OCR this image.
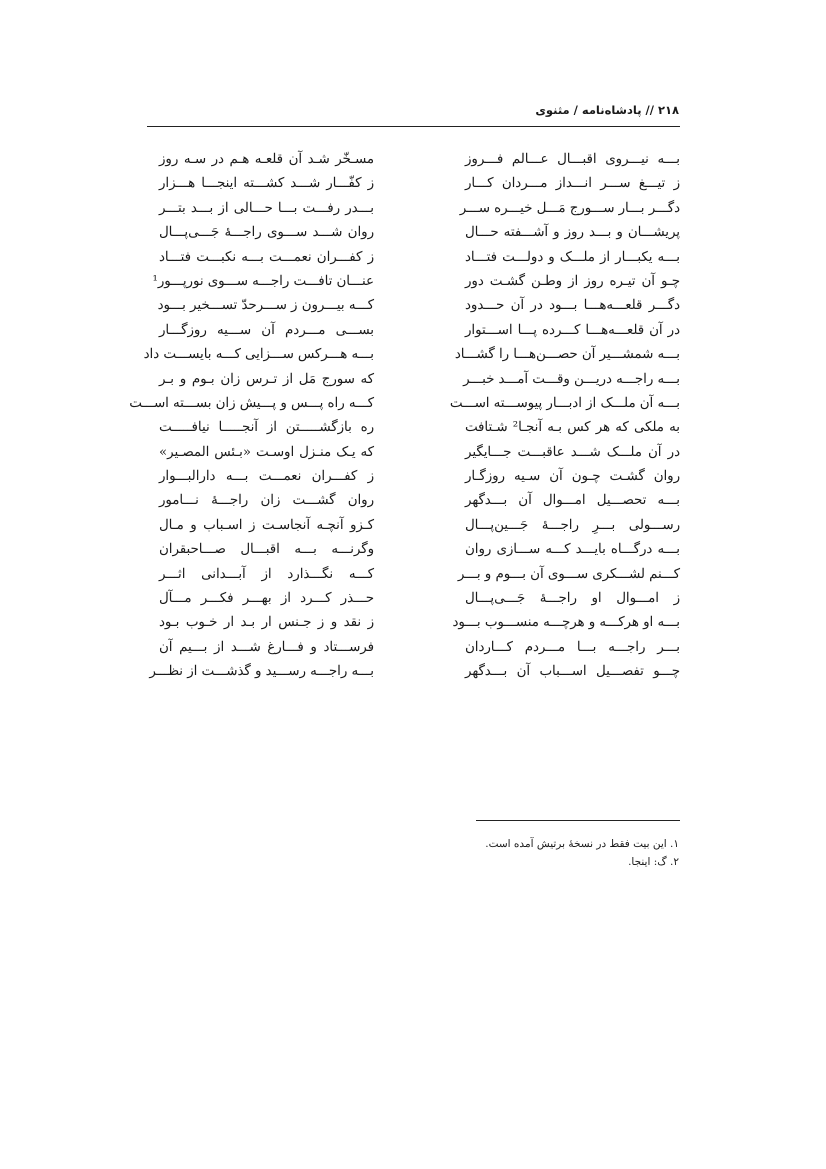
۲۱۸ // پادشاه‌نامه / مثنوی
بـــه نیـــروی اقبـــال عـــالم فـــروز
مسـخّر شـد آن قلعـه هـم در سـه روز
ز تیـــغ ســـر انـــداز مـــردان کـــار
ز کفّـــار شـــد کشـــته اینجـــا هـــزار
دگـــر بـــار ســـورج مَـــل خیـــره ســـر
بـــدر رفـــت بـــا حـــالی از بـــد بتـــر
پریشـــان و بـــد روز و آشـــفته حـــال
روان شـــد ســـوی راجـــهٔ جَـــی‌پـــال
بـــه یکبـــار از ملـــک و دولـــت فتـــاد
ز کفـــران نعمـــت بـــه نکبـــت فتـــاد
چـو آن تیـره روز از وطـن گشـت دور
عنـــان تافـــت راجـــه ســـوی نورپـــور¹
دگـــر قلعـــه‌هـــا بـــود در آن حـــدود
کـــه بیـــرون ز ســـرحدّ تســـخیر بـــود
در آن قلعـــه‌هـــا کـــرده پـــا اســـتوار
بســـی مـــردم آن ســـیه روزگـــار
بـــه شمشـــیر آن حصـــن‌هـــا را گشـــاد
بـــه هـــرکس ســـزایی کـــه بایســـت داد
بـــه راجـــه دریـــن وقـــت آمـــد خبـــر
که سورج مَل از تـرس زان بـوم و بـر
بـــه آن ملـــک از ادبـــار پیوســـته اســـت
کـــه راه پـــس و پـــیش زان بســـته اســـت
به ملکی که هر کس بـه آنجـا² شـتافت
ره بازگشـــــتن از آنجـــــا نیافـــــت
در آن ملـــک شـــد عاقبـــت جـــایگیر
که یـک منـزل اوسـت «بـئس المصـیر»
روان گشـت چـون آن سـیه روزگـار
ز کفـــران نعمـــت بـــه دارالبـــوار
بـــه تحصـــیل امـــوال آن بـــدگهر
روان گشـــت زان راجـــهٔ نـــامور
رســـولی بـــرِ راجـــهٔ جَـــین‌پـــال
کـزو آنچـه آنجاسـت ز اسـباب و مـال
بـــه درگـــاه بایـــد کـــه ســـازی روان
وگرنـــه بـــه اقبـــال صـــاحبقران
کـــنم لشـــکری ســـوی آن بـــوم و بـــر
کـــه نگـــذارد از آبـــدانی اثـــر
ز امـــوال او راجـــهٔ جَـــی‌پـــال
حـــذر کـــرد از بهـــر فکـــر مـــآل
بـــه او هرکـــه و هرچـــه منســـوب بـــود
ز نقد و ز جـنس ار بـد ار خـوب بـود
بـــر راجـــه بـــا مـــردم کـــاردان
فرســـتاد و فـــارغ شـــد از بـــیم آن
چـــو تفصـــیل اســـباب آن بـــدگهر
بـــه راجـــه رســـید و گذشـــت از نظـــر
۱. این بیت فقط در نسخهٔ برتیش آمده است.
۲. گ: اینجا.
